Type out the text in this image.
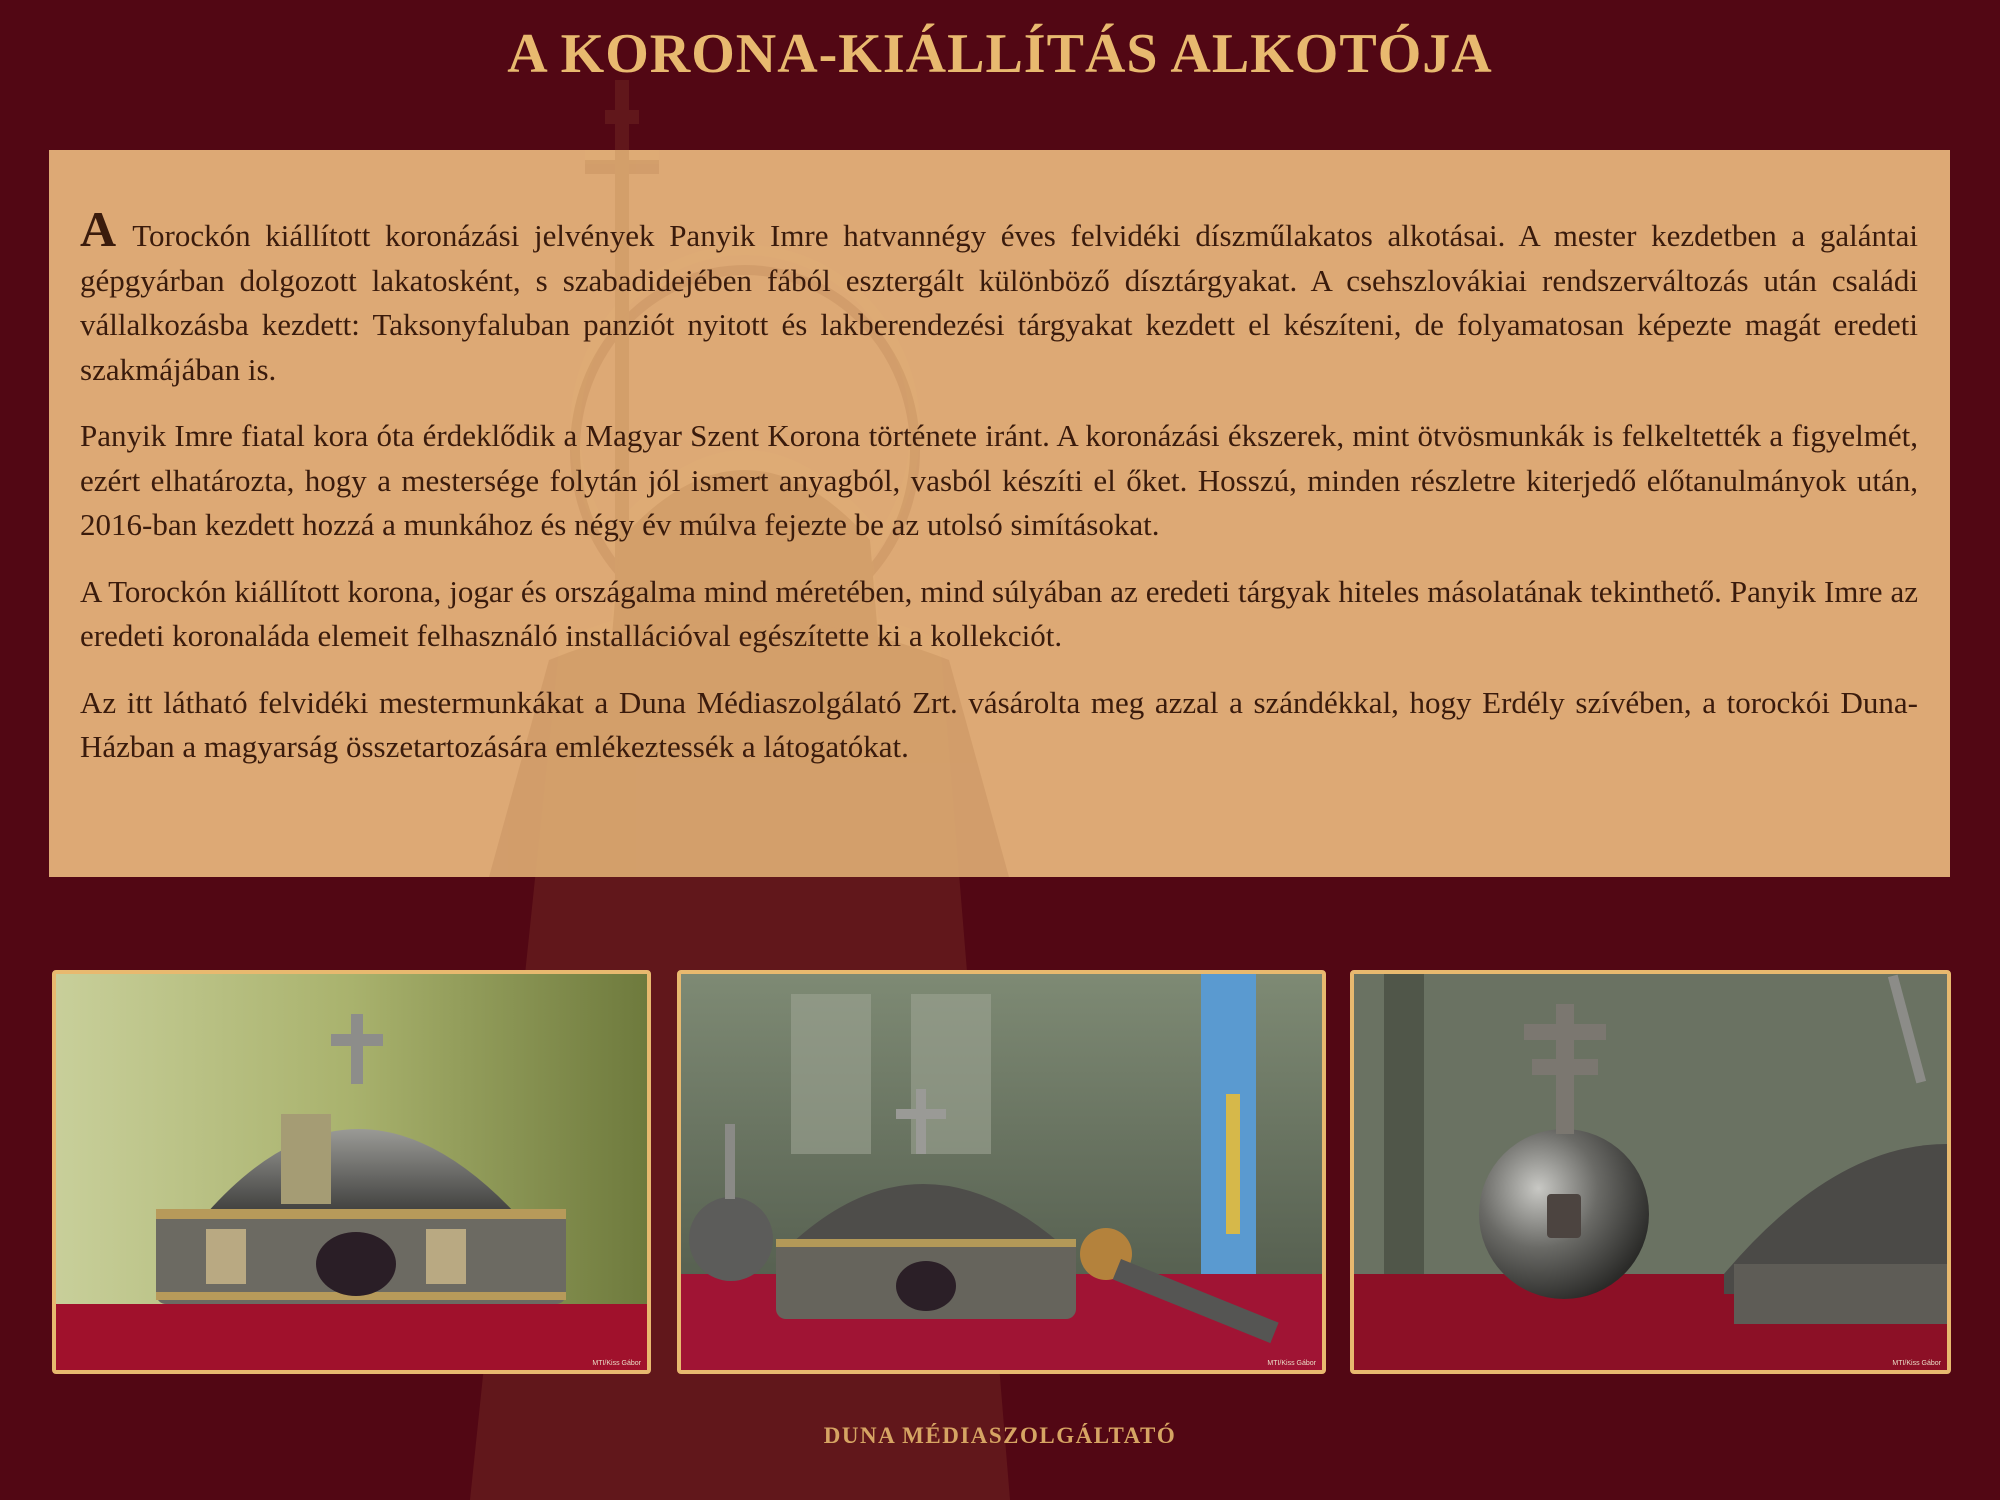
A KORONA-KIÁLLÍTÁS ALKOTÓJA

A Torockón kiállított koronázási jelvények Panyik Imre hatvannégy éves felvidéki díszműlakatos alkotásai. A mester kezdetben a galántai gépgyárban dolgozott lakatosként, s szabadidejében fából esztergált különböző dísztárgyakat. A csehszlovákiai rendszerváltozás után családi vállalkozásba kezdett: Taksonyfaluban panziót nyitott és lakberendezési tárgyakat kezdett el készíteni, de folyamatosan képezte magát eredeti szakmájában is.

Panyik Imre fiatal kora óta érdeklődik a Magyar Szent Korona története iránt. A koronázási ékszerek, mint ötvösmunkák is felkeltették a figyelmét, ezért elhatározta, hogy a mestersége folytán jól ismert anyagból, vasból készíti el őket. Hosszú, minden részletre kiterjedő előtanulmányok után, 2016-ban kezdett hozzá a munkához és négy év múlva fejezte be az utolsó simításokat.

A Torockón kiállított korona, jogar és országalma mind méretében, mind súlyában az eredeti tárgyak hiteles másolatának tekinthető. Panyik Imre az eredeti koronaláda elemeit felhasználó installációval egészítette ki a kollekciót.

Az itt látható felvidéki mestermunkákat a Duna Médiaszolgálató Zrt. vásárolta meg azzal a szándékkal, hogy Erdély szívében, a torockói Duna-Házban a magyarság összetartozására emlékeztessék a látogatókat.

MTI/Kiss Gábor	MTI/Kiss Gábor	MTI/Kiss Gábor
DUNA MÉDIASZOLGÁLTATÓ
